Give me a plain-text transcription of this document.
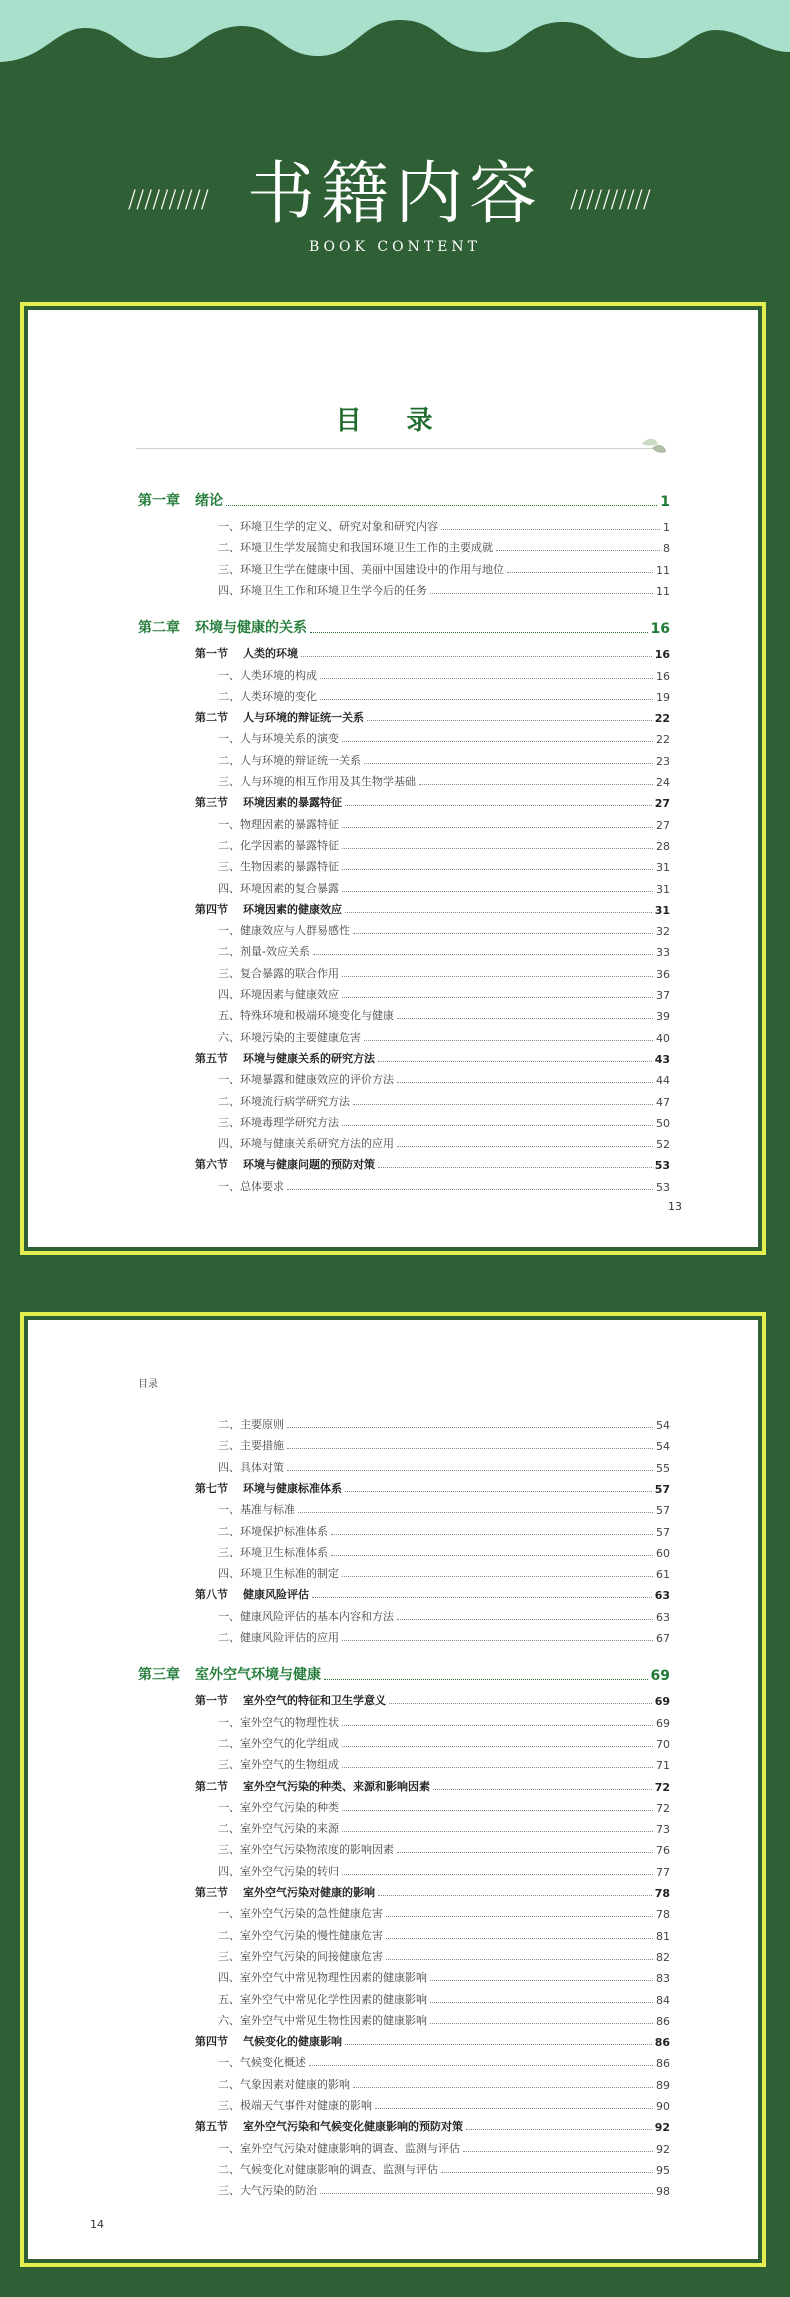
////////// 书籍内容	//////////
BOOK CONTENT
目 录
第一章	绪论	1
一、环境卫生学的定义、研究对象和研究内容	1
二、环境卫生学发展简史和我国环境卫生工作的主要成就	8
三、环境卫生学在健康中国、美丽中国建设中的作用与地位	11
四、环境卫生工作和环境卫生学今后的任务	11
第二章	环境与健康的关系	16
第一节 人类的环境	16
一、人类环境的构成	16
二、人类环境的变化	19
第二节 人与环境的辩证统一关系	22
一、人与环境关系的演变	22
二、人与环境的辩证统一关系	23
三、人与环境的相互作用及其生物学基础	24
第三节 环境因素的暴露特征	27
一、物理因素的暴露特征	27
二、化学因素的暴露特征	28
三、生物因素的暴露特征	31
四、环境因素的复合暴露	31
第四节 环境因素的健康效应	31
一、健康效应与人群易感性	32
二、剂量-效应关系	33
三、复合暴露的联合作用	36
四、环境因素与健康效应	37
五、特殊环境和极端环境变化与健康	39
六、环境污染的主要健康危害	40
第五节 环境与健康关系的研究方法	43
一、环境暴露和健康效应的评价方法	44
二、环境流行病学研究方法	47
三、环境毒理学研究方法	50
四、环境与健康关系研究方法的应用	52
第六节 环境与健康问题的预防对策	53
一、总体要求	53
13
目录
二、主要原则	54
三、主要措施	54
四、具体对策	55
第七节 环境与健康标准体系	57
一、基准与标准	57
二、环境保护标准体系	57
三、环境卫生标准体系	60
四、环境卫生标准的制定	61
第八节 健康风险评估	63
一、健康风险评估的基本内容和方法	63
二、健康风险评估的应用	67
第三章	室外空气环境与健康	69
第一节 室外空气的特征和卫生学意义	69
一、室外空气的物理性状	69
二、室外空气的化学组成	70
三、室外空气的生物组成	71
第二节 室外空气污染的种类、来源和影响因素	72
一、室外空气污染的种类	72
二、室外空气污染的来源	73
三、室外空气污染物浓度的影响因素	76
四、室外空气污染的转归	77
第三节 室外空气污染对健康的影响	78
一、室外空气污染的急性健康危害	78
二、室外空气污染的慢性健康危害	81
三、室外空气污染的间接健康危害	82
四、室外空气中常见物理性因素的健康影响	83
五、室外空气中常见化学性因素的健康影响	84
六、室外空气中常见生物性因素的健康影响	86
第四节 气候变化的健康影响	86
一、气候变化概述	86
二、气象因素对健康的影响	89
三、极端天气事件对健康的影响	90
第五节 室外空气污染和气候变化健康影响的预防对策	92
一、室外空气污染对健康影响的调查、监测与评估	92
二、气候变化对健康影响的调查、监测与评估	95
三、大气污染的防治	98
14
